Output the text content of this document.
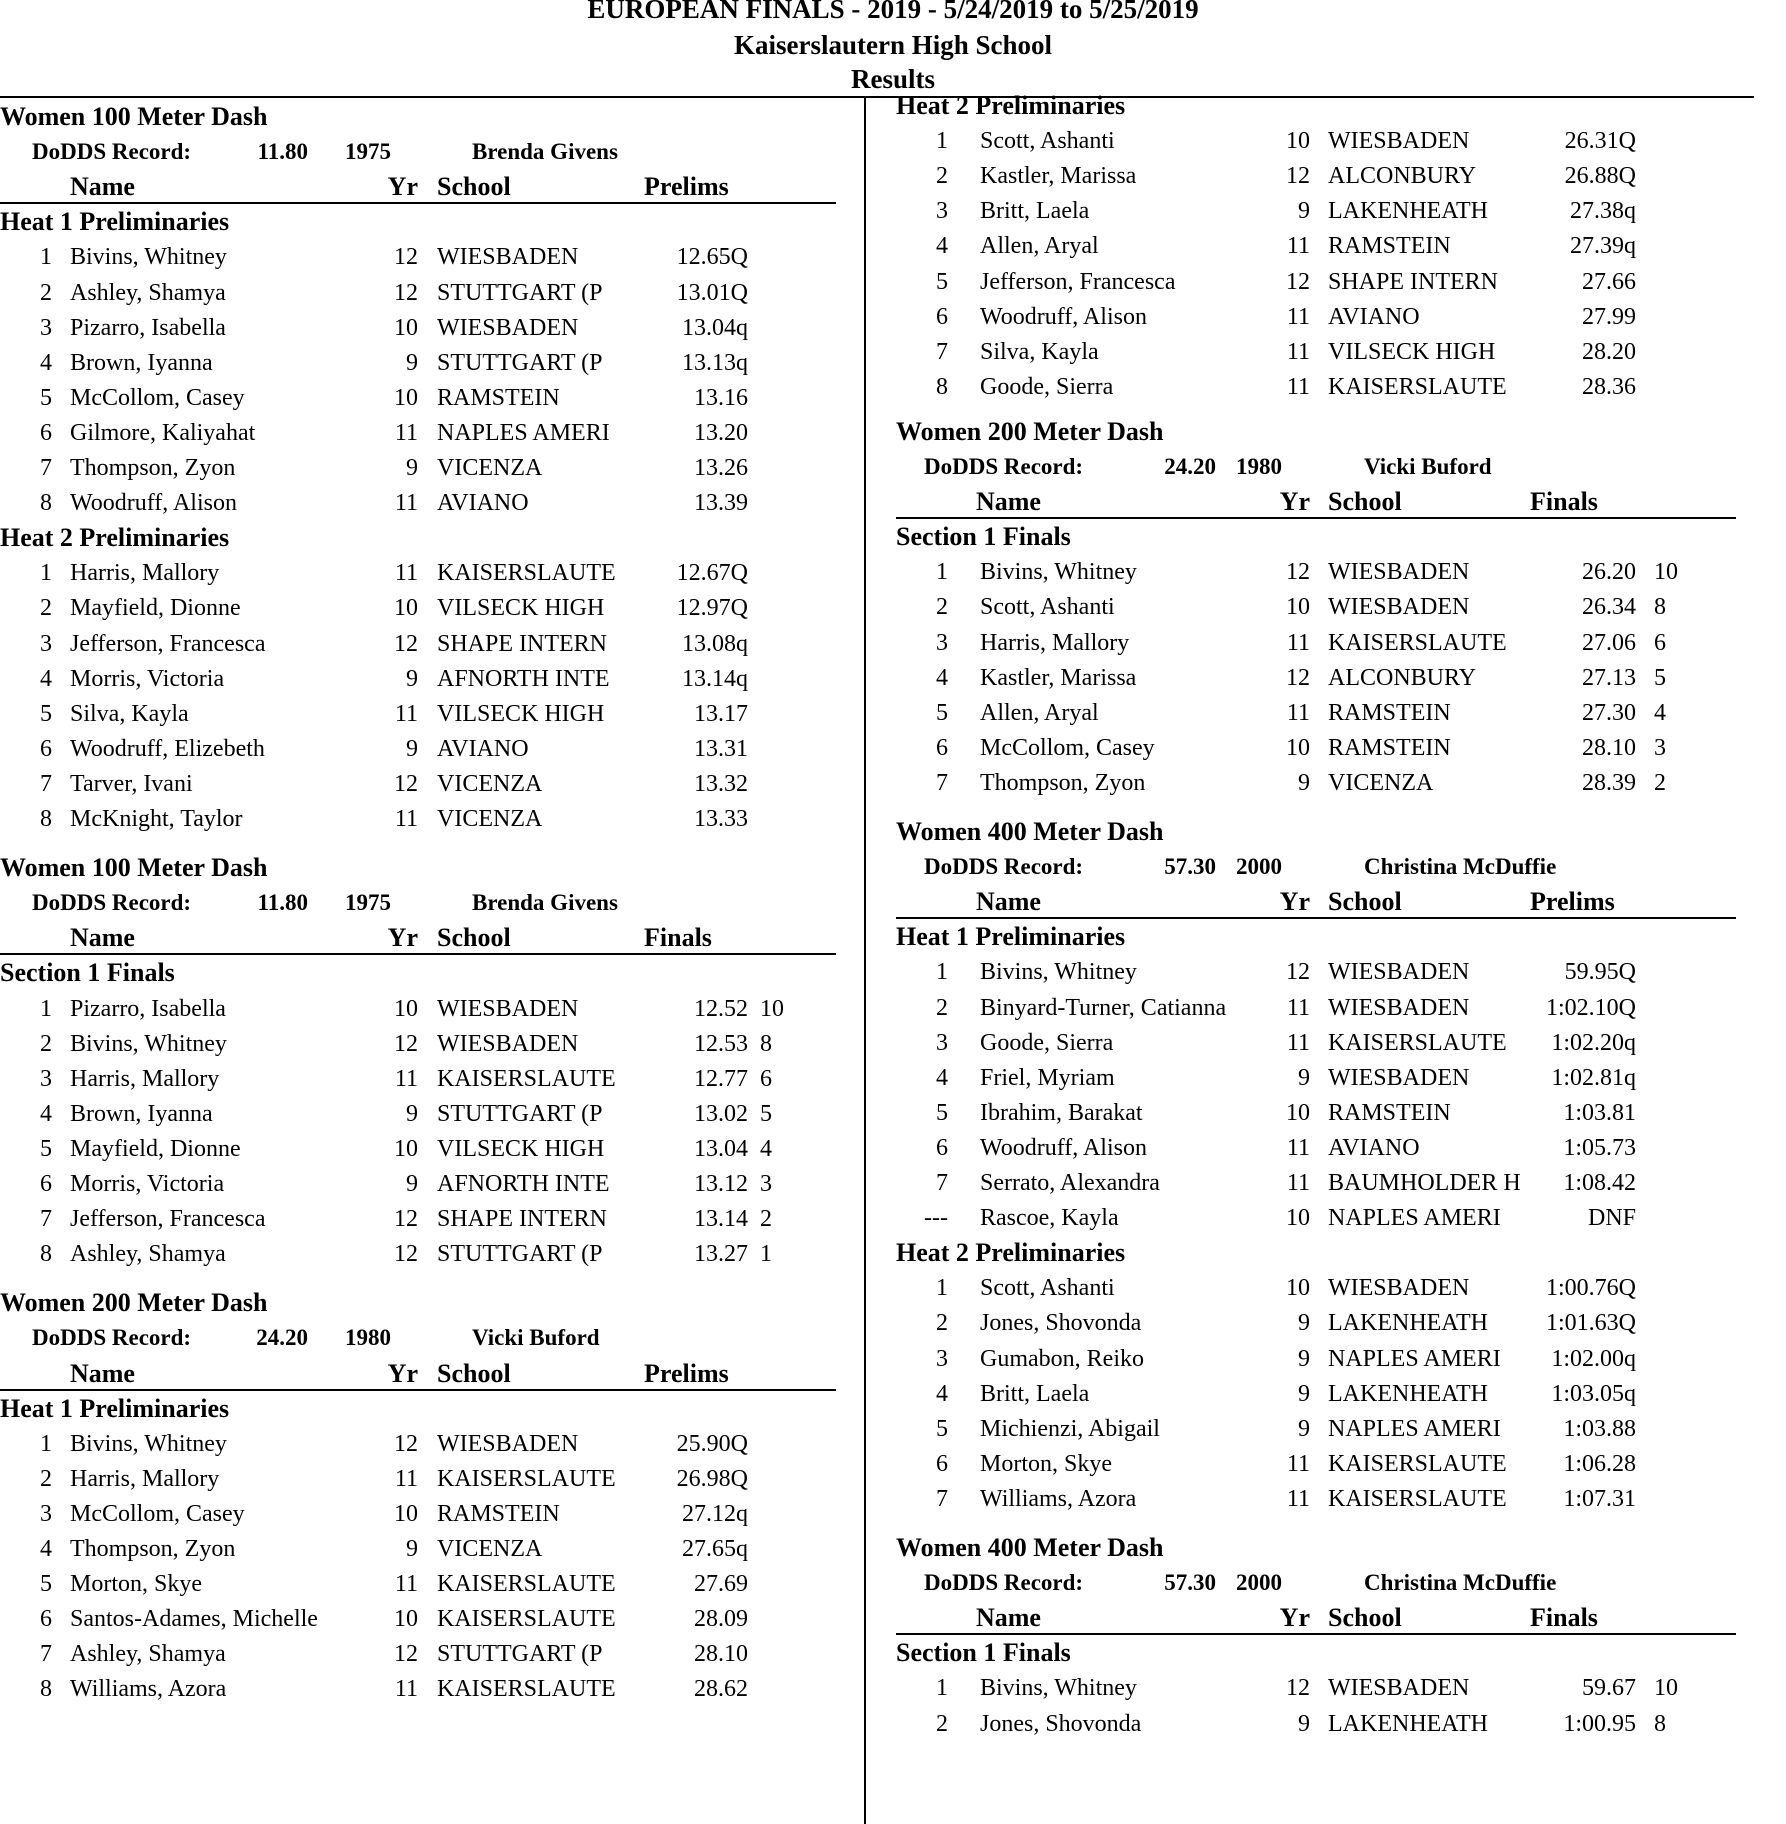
EUROPEAN FINALS - 2019 - 5/24/2019 to 5/25/2019
Kaiserslautern High School
Results
Women 100 Meter Dash
DoDDS Record:	11.80 1975	Brenda Givens
Name	Yr School	Prelims
Heat 1 Preliminaries
1 Bivins, Whitney	12 WIESBADEN	12.65Q
2 Ashley, Shamya	12 STUTTGART (P	13.01Q
3 Pizarro, Isabella	10 WIESBADEN	13.04q
4 Brown, Iyanna	9 STUTTGART (P	13.13q
5 McCollom, Casey	10 RAMSTEIN	13.16
6 Gilmore, Kaliyahat	11 NAPLES AMERI	13.20
7 Thompson, Zyon	9 VICENZA	13.26
8 Woodruff, Alison	11 AVIANO	13.39
Heat 2 Preliminaries
1 Harris, Mallory	11 KAISERSLAUTE	12.67Q
2 Mayfield, Dionne	10 VILSECK HIGH	12.97Q
3 Jefferson, Francesca	12 SHAPE INTERN	13.08q
4 Morris, Victoria	9 AFNORTH INTE	13.14q
5 Silva, Kayla	11 VILSECK HIGH	13.17
6 Woodruff, Elizebeth	9 AVIANO	13.31
7 Tarver, Ivani	12 VICENZA	13.32
8 McKnight, Taylor	11 VICENZA	13.33
Women 100 Meter Dash
DoDDS Record:	11.80 1975	Brenda Givens
Name	Yr School	Finals
Section 1 Finals
1 Pizarro, Isabella	10 WIESBADEN	12.52 10
2 Bivins, Whitney	12 WIESBADEN	12.53 8
3 Harris, Mallory	11 KAISERSLAUTE	12.77 6
4 Brown, Iyanna	9 STUTTGART (P	13.02 5
5 Mayfield, Dionne	10 VILSECK HIGH	13.04 4
6 Morris, Victoria	9 AFNORTH INTE	13.12 3
7 Jefferson, Francesca	12 SHAPE INTERN	13.14 2
8 Ashley, Shamya	12 STUTTGART (P	13.27 1
Women 200 Meter Dash
DoDDS Record:	24.20 1980	Vicki Buford
Name	Yr School	Prelims
Heat 1 Preliminaries
1 Bivins, Whitney	12 WIESBADEN	25.90Q
2 Harris, Mallory	11 KAISERSLAUTE	26.98Q
3 McCollom, Casey	10 RAMSTEIN	27.12q
4 Thompson, Zyon	9 VICENZA	27.65q
5 Morton, Skye	11 KAISERSLAUTE	27.69
6 Santos-Adames, Michelle	10 KAISERSLAUTE	28.09
7 Ashley, Shamya	12 STUTTGART (P	28.10
8 Williams, Azora	11 KAISERSLAUTE	28.62
Heat 2 Preliminaries
1 Scott, Ashanti	10 WIESBADEN	26.31Q
2 Kastler, Marissa	12 ALCONBURY	26.88Q
3 Britt, Laela	9 LAKENHEATH	27.38q
4 Allen, Aryal	11 RAMSTEIN	27.39q
5 Jefferson, Francesca	12 SHAPE INTERN	27.66
6 Woodruff, Alison	11 AVIANO	27.99
7 Silva, Kayla	11 VILSECK HIGH	28.20
8 Goode, Sierra	11 KAISERSLAUTE	28.36
Women 200 Meter Dash
DoDDS Record:	24.20 1980	Vicki Buford
Name	Yr School	Finals
Section 1 Finals
1 Bivins, Whitney	12 WIESBADEN	26.20 10
2 Scott, Ashanti	10 WIESBADEN	26.34 8
3 Harris, Mallory	11 KAISERSLAUTE	27.06 6
4 Kastler, Marissa	12 ALCONBURY	27.13 5
5 Allen, Aryal	11 RAMSTEIN	27.30 4
6 McCollom, Casey	10 RAMSTEIN	28.10 3
7 Thompson, Zyon	9 VICENZA	28.39 2
Women 400 Meter Dash
DoDDS Record:	57.30 2000	Christina McDuffie
Name	Yr School	Prelims
Heat 1 Preliminaries
1 Bivins, Whitney	12 WIESBADEN	59.95Q
2 Binyard-Turner, Catianna	11 WIESBADEN	1:02.10Q
3 Goode, Sierra	11 KAISERSLAUTE 1:02.20q
4 Friel, Myriam	9 WIESBADEN	1:02.81q
5 Ibrahim, Barakat	10 RAMSTEIN	1:03.81
6 Woodruff, Alison	11 AVIANO	1:05.73
7 Serrato, Alexandra	11 BAUMHOLDER H 1:08.42
--- Rascoe, Kayla	10 NAPLES AMERI	DNF
Heat 2 Preliminaries
1 Scott, Ashanti	10 WIESBADEN	1:00.76Q
2 Jones, Shovonda	9 LAKENHEATH 1:01.63Q
3 Gumabon, Reiko	9 NAPLES AMERI 1:02.00q
4 Britt, Laela	9 LAKENHEATH	1:03.05q
5 Michienzi, Abigail	9 NAPLES AMERI	1:03.88
6 Morton, Skye	11 KAISERSLAUTE 1:06.28
7 Williams, Azora	11 KAISERSLAUTE 1:07.31
Women 400 Meter Dash
DoDDS Record:	57.30 2000	Christina McDuffie
Name	Yr School	Finals
Section 1 Finals
1 Bivins, Whitney	12 WIESBADEN	59.67 10
2 Jones, Shovonda	9 LAKENHEATH	1:00.95 8
